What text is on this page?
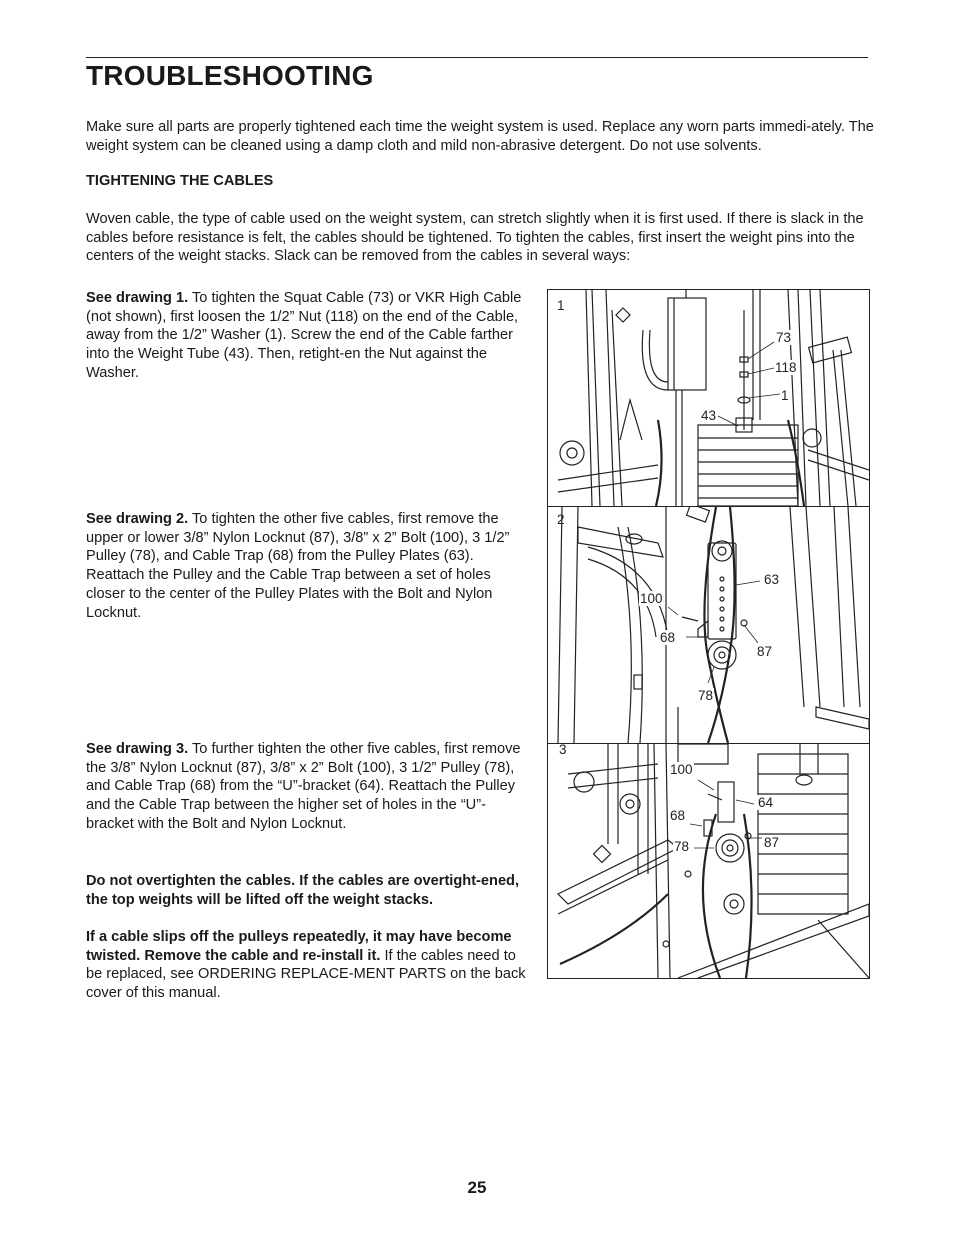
TROUBLESHOOTING

Make sure all parts are properly tightened each time the weight system is used. Replace any worn parts immedi-ately. The weight system can be cleaned using a damp cloth and mild non-abrasive detergent. Do not use solvents.

TIGHTENING THE CABLES

Woven cable, the type of cable used on the weight system, can stretch slightly when it is first used. If there is slack in the cables before resistance is felt, the cables should be tightened. To tighten the cables, first insert the weight pins into the centers of the weight stacks. Slack can be removed from the cables in several ways:

See drawing 1. To tighten the Squat Cable (73) or VKR High Cable (not shown), first loosen the 1/2” Nut (118) on the end of the Cable, away from the 1/2” Washer (1). Screw the end of the Cable farther into the Weight Tube (43). Then, retight-en the Nut against the Washer.

See drawing 2. To tighten the other five cables, first remove the upper or lower 3/8” Nylon Locknut (87), 3/8” x 2” Bolt (100), 3 1/2” Pulley (78), and Cable Trap (68) from the Pulley Plates (63). Reattach the Pulley and the Cable Trap between a set of holes closer to the center of the Pulley Plates with the Bolt and Nylon Locknut.

See drawing 3. To further tighten the other five cables, first remove the 3/8” Nylon Locknut (87), 3/8” x 2” Bolt (100), 3 1/2” Pulley (78), and Cable Trap (68) from the “U”-bracket (64). Reattach the Pulley and the Cable Trap between the higher set of holes in the “U”-bracket with the Bolt and Nylon Locknut.

Do not overtighten the cables. If the cables are overtight-ened, the top weights will be lifted off the weight stacks.

If a cable slips off the pulleys repeatedly, it may have become twisted. Remove the cable and re-install it. If the cables need to be replaced, see ORDERING REPLACE-MENT PARTS on the back cover of this manual.

1
73
118
1
43
2
63
100
68
87
78
3
100
64
68
87
78
25
